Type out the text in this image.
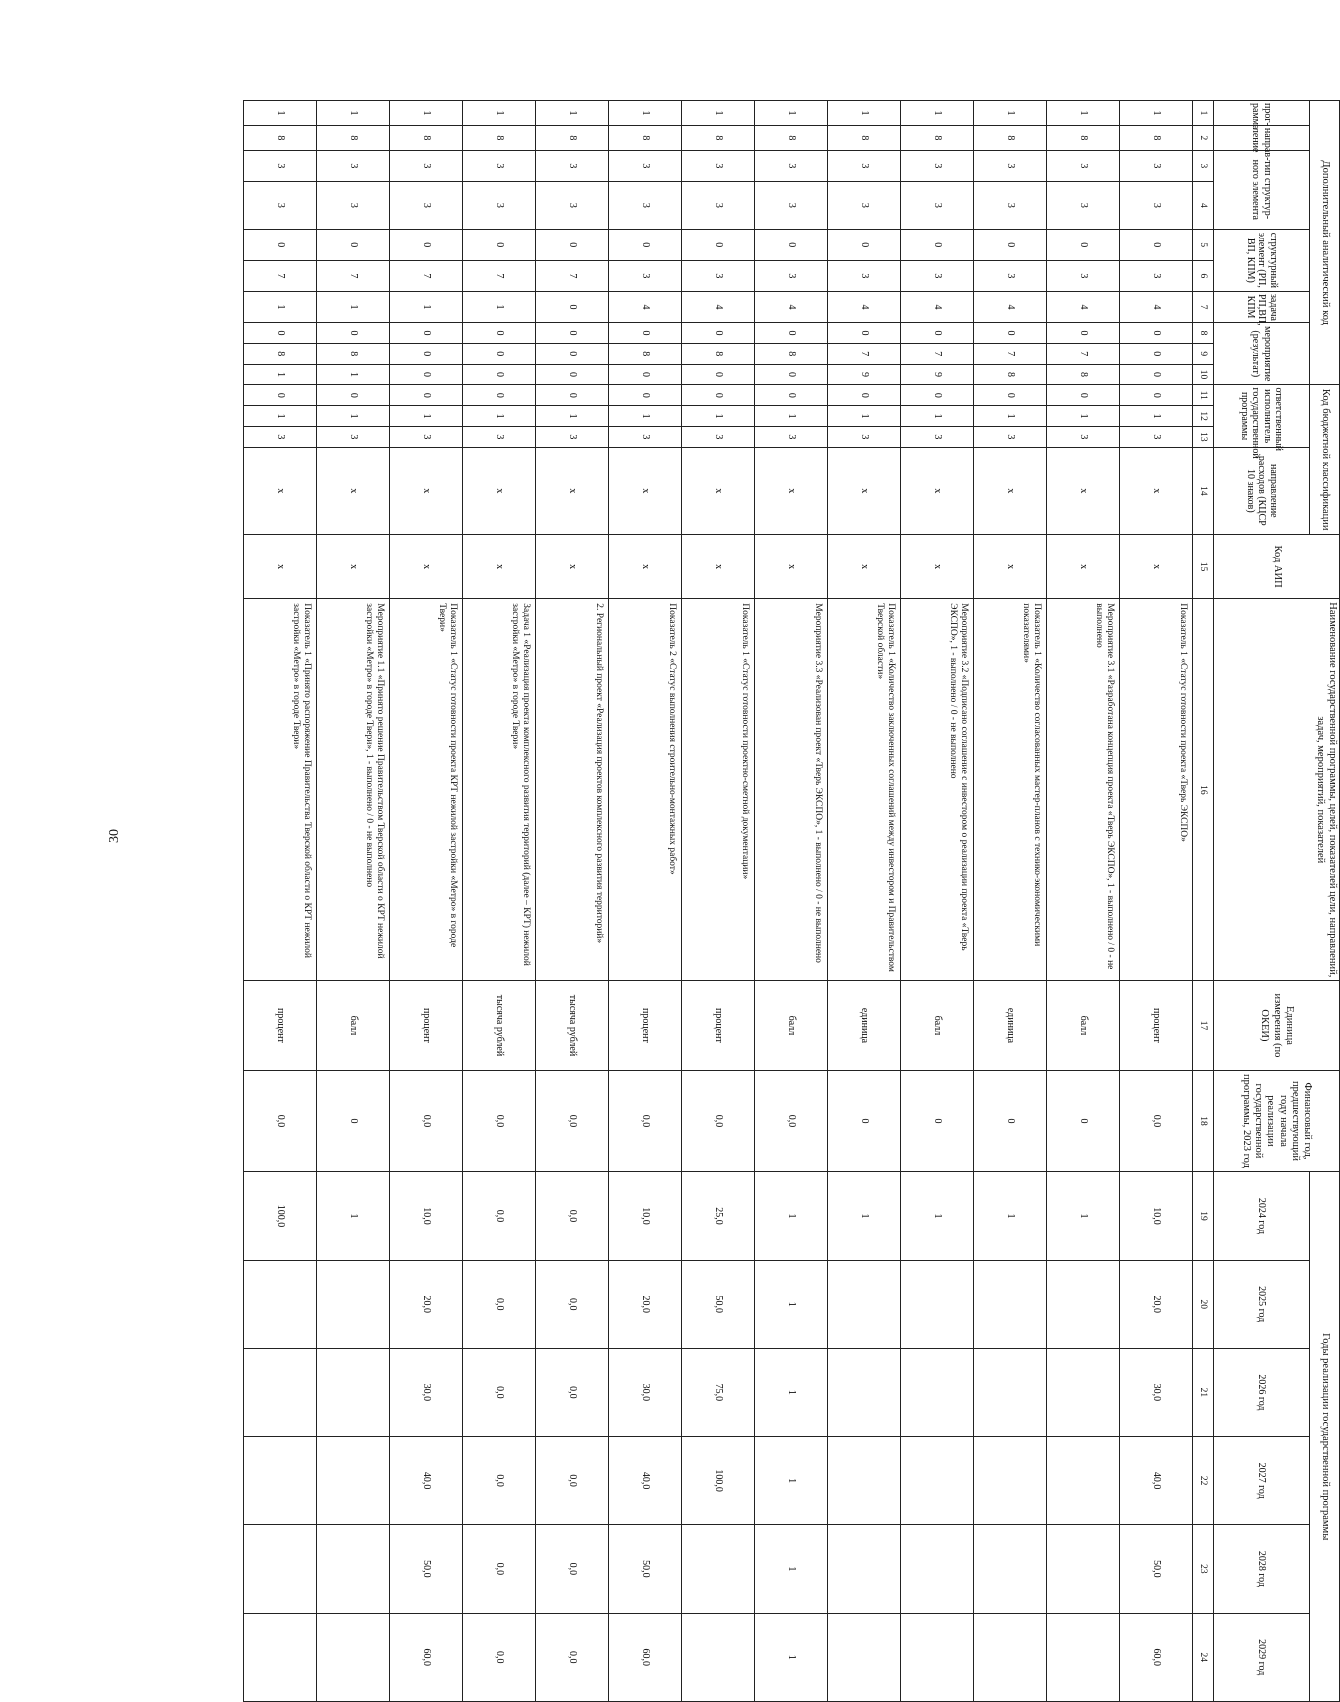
30
Дополнительный аналитический код										Код бюджетной классификации				Код АИП	Наименование государственной программы, целей, показателей цели, направлений, задач, мероприятий, показателей	Единица измерения (по ОКЕИ)	Финансовый год, предшествующий году начала реализации государственной программы, 2023 год	Годы реализации государственной программы					
прог-рамма	направ-ление	тип структур-ного элемента		структурный элемент (РП, ВП, КПМ)		задача РП,ВП, КПМ	мероприятие (результат)			ответственный исполнитель государственной программы			направление расходов (КЦСР 10 знаков)					2024 год	2025 год	2026 год	2027 год	2028 год	2029 год

1	2	3	4	5	6	7	8	9	10	11	12	13	14	15	16	17	18	19	20	21	22	23	24
1	8	3	3	0	3	4	0	0	0	0	1	3	х	х	Показатель 1 «Статус готовности проекта «Тверь ЭКСПО»	процент	0,0	10,0	20,0	30,0	40,0	50,0	60,0
1	8	3	3	0	3	4	0	7	8	0	1	3	х	х	Мероприятие 3.1 «Разработана концепция проекта «Тверь ЭКСПО», 1 - выполнено / 0 - не выполнено	балл	0	1					
1	8	3	3	0	3	4	0	7	8	0	1	3	х	х	Показатель 1 «Количество согласованных мастер-планов с технико-экономическими показателями»	единица	0	1					
1	8	3	3	0	3	4	0	7	9	0	1	3	х	х	Мероприятие 3.2 «Подписано соглашение с инвестором о реализации проекта «Тверь ЭКСПО», 1 - выполнено / 0 - не выполнено	балл	0	1					
1	8	3	3	0	3	4	0	7	9	0	1	3	х	х	Показатель 1 «Количество заключенных соглашений между инвестором и Правительством Тверской области»	единица	0	1					
1	8	3	3	0	3	4	0	8	0	0	1	3	х	х	Мероприятие 3.3 «Реализован проект «Тверь ЭКСПО», 1 - выполнено / 0 - не выполнено	балл	0,0	1	1	1	1	1	1
1	8	3	3	0	3	4	0	8	0	0	1	3	х	х	Показатель 1 «Статус готовности проектно-сметной документации»	процент	0,0	25,0	50,0	75,0	100,0		
1	8	3	3	0	3	4	0	8	0	0	1	3	х	х	Показатель 2 «Статус выполнения строительно-монтажных работ»	процент	0,0	10,0	20,0	30,0	40,0	50,0	60,0
1	8	3	3	0	7	0	0	0	0	0	1	3	х	х	2. Региональный проект «Реализация проектов комплексного развития территорий»	тысяча рублей	0,0	0,0	0,0	0,0	0,0	0,0	0,0
1	8	3	3	0	7	1	0	0	0	0	1	3	х	х	Задача 1 «Реализация проекта комплексного развития территорий (далее – КРТ) нежилой застройки «Метро» в городе Твери»	тысяча рублей	0,0	0,0	0,0	0,0	0,0	0,0	0,0
1	8	3	3	0	7	1	0	0	0	0	1	3	х	х	Показатель 1 «Статус готовности проекта КРТ нежилой застройки «Метро» в городе Твери»	процент	0,0	10,0	20,0	30,0	40,0	50,0	60,0
1	8	3	3	0	7	1	0	8	1	0	1	3	х	х	Мероприятие 1.1 «Принято решение Правительством Тверской области о КРТ нежилой застройки «Метро» в городе Твери», 1 - выполнено / 0 - не выполнено	балл	0	1					
1	8	3	3	0	7	1	0	8	1	0	1	3	х	х	Показатель 1 «Принято распоряжение Правительства Тверской области о КРТ нежилой застройки «Метро» в городе Твери»	процент	0,0	100,0					
